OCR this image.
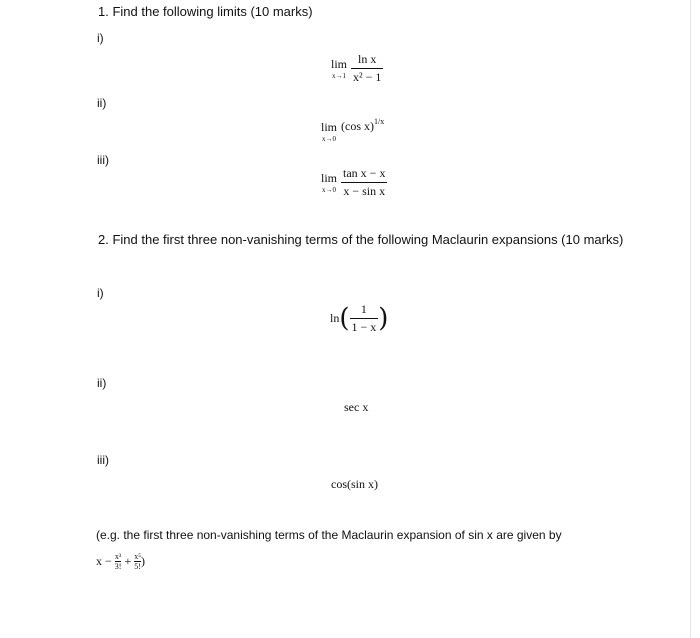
1. Find the following limits (10 marks)
i)
lim
x→1
$\frac{\text{ln x}}{\text{x² − 1}}$
ii)
lim
x→0
(cos x)$^{1/x}$
iii)
lim
x→0
$\frac{\text{tan x − x}}{\text{x − sin x}}$
2. Find the first three non-vanishing terms of the following Maclaurin expansions (10 marks)
i)
$\ln( \frac{1}{1 - x}$ )
ii)
sec x
iii)
cos(sin x)
(e.g. the first three non-vanishing terms of the Maclaurin expansion of sin x are given by
$x - \frac{\text{x³}}{3!} + \frac{\text{x⁵}}{5!}$ )
